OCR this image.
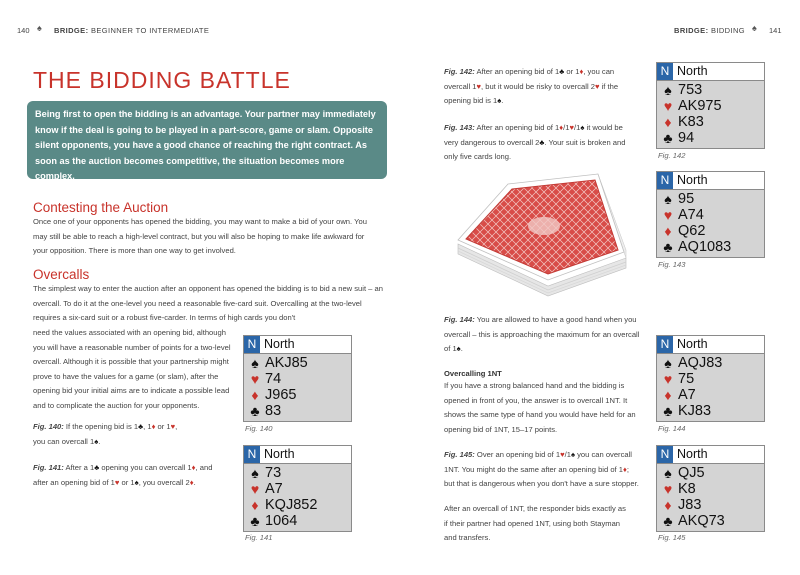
140 ♠ BRIDGE: BEGINNER TO INTERMEDIATE	BRIDGE: BIDDING ♠ 141
THE BIDDING BATTLE
Being first to open the bidding is an advantage. Your partner may immediately know if the deal is going to be played in a part-score, game or slam. Opposite silent opponents, you have a good chance of reaching the right contract. As soon as the auction becomes competitive, the situation becomes more complex.
Contesting the Auction
Once one of your opponents has opened the bidding, you may want to make a bid of your own. You may still be able to reach a high-level contract, but you will also be hoping to make life awkward for your opposition. There is more than one way to get involved.
Overcalls
The simplest way to enter the auction after an opponent has opened the bidding is to bid a new suit – an overcall. To do it at the one-level you need a reasonable five-card suit. Overcalling at the two-level requires a six-card suit or a robust five-carder. In terms of high cards you don't
need the values associated with an opening bid, although you will have a reasonable number of points for a two-level overcall. Although it is possible that your partnership might prove to have the values for a game (or slam), after the opening bid your initial aims are to indicate a possible lead and to complicate the auction for your opponents.
Fig. 140: If the opening bid is 1♣, 1♦ or 1♥,
you can overcall 1♠.
Fig. 141: After a 1♣ opening you can overcall 1♦, and
after an opening bid of 1♥ or 1♠, you overcall 2♦.
N North
♠ AKJ85
♥ 74
♦ J965
♣ 83
Fig. 140
N North
♠ 73
♥ A7
♦ KQJ852
♣ 1064
Fig. 141
Fig. 142: After an opening bid of 1♣ or 1♦, you can
overcall 1♥, but it would be risky to overcall 2♥ if the
opening bid is 1♠.
Fig. 143: After an opening bid of 1♦/1♥/1♠ it would be
very dangerous to overcall 2♣. Your suit is broken and
only five cards long.
Fig. 144: You are allowed to have a good hand when you
overcall – this is approaching the maximum for an overcall
of 1♠.
Overcalling 1NT
If you have a strong balanced hand and the bidding is opened in front of you, the answer is to overcall 1NT. It shows the same type of hand you would have held for an opening bid of 1NT, 15–17 points.
Fig. 145: Over an opening bid of 1♥/1♠ you can overcall
1NT. You might do the same after an opening bid of 1♦;
but that is dangerous when you don't have a sure stopper.
After an overcall of 1NT, the responder bids exactly as if their partner had opened 1NT, using both Stayman and transfers.
N North
♠ 753
♥ AK975
♦ K83
♣ 94
Fig. 142
N North
♠ 95
♥ A74
♦ Q62
♣ AQ1083
Fig. 143
N North
♠ AQJ83
♥ 75
♦ A7
♣ KJ83
Fig. 144
N North
♠ QJ5
♥ K8
♦ J83
♣ AKQ73
Fig. 145
